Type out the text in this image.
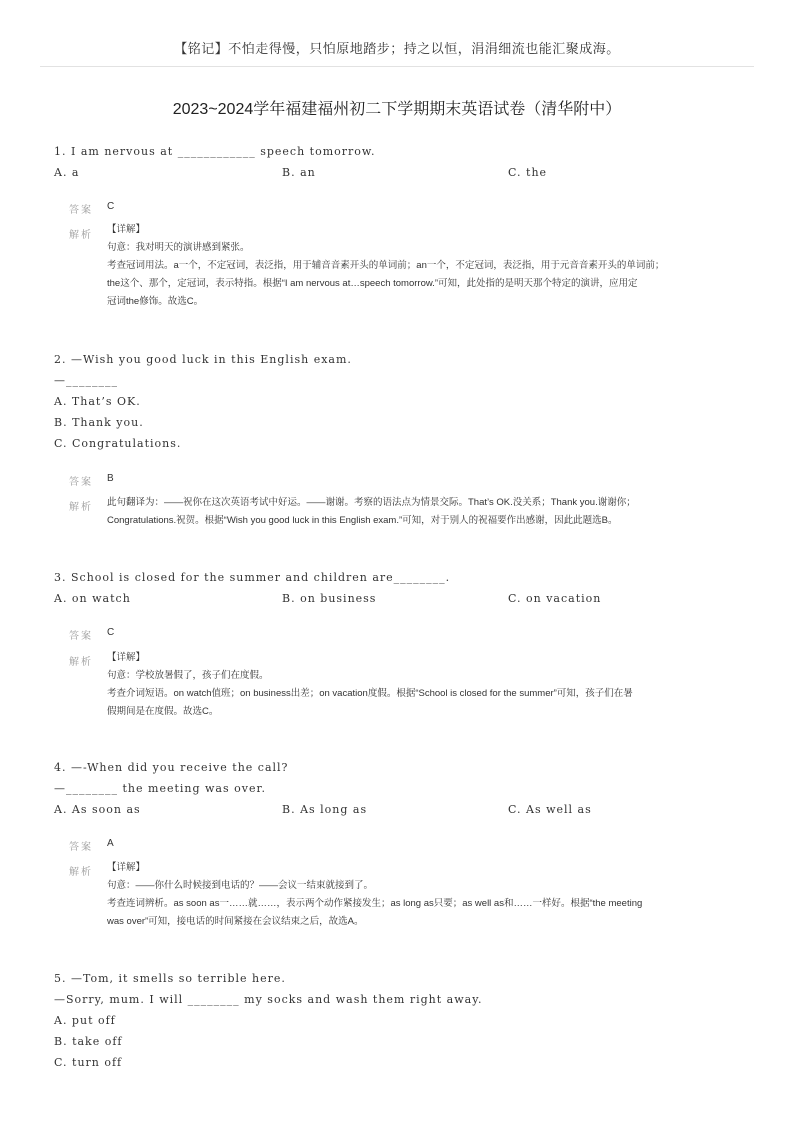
【铭记】不怕走得慢，只怕原地踏步；持之以恒，涓涓细流也能汇聚成海。
2023~2024学年福建福州初二下学期期末英语试卷（清华附中）
1. I am nervous at ____________ speech tomorrow.
A. a	B. an	C. the
答案 C
解析

【详解】

句意：我对明天的演讲感到紧张。

考查冠词用法。a一个，不定冠词，表泛指，用于辅音音素开头的单词前；an一个，不定冠词，表泛指，用于元音音素开头的单词前；

the这个、那个，定冠词，表示特指。根据“I am nervous at…speech tomorrow.”可知，此处指的是明天那个特定的演讲，应用定

冠词the修饰。故选C。

2. —Wish you good luck in this English exam.
—________
A. That’s OK.
B. Thank you.
C. Congratulations.
答案 B
解析 此句翻译为：——祝你在这次英语考试中好运。——谢谢。考察的语法点为情景交际。That’s OK.没关系；Thank you.谢谢你；

Congratulations.祝贺。根据“Wish you good luck in this English exam.”可知，对于别人的祝福要作出感谢，因此此题选B。

3. School is closed for the summer and children are________.
A. on watch	B. on business	C. on vacation
答案 C
解析 【详解】

句意：学校放暑假了，孩子们在度假。

考查介词短语。on watch值班；on business出差；on vacation度假。根据“School is closed for the summer”可知，孩子们在暑

假期间是在度假。故选C。

4. —-When did you receive the call?
—________ the meeting was over.
A. As soon as	B. As long as	C. As well as
答案 A
解析 【详解】

句意：——你什么时候接到电话的？——会议一结束就接到了。

考查连词辨析。as soon as一……就……，表示两个动作紧接发生；as long as只要；as well as和……一样好。根据“the meeting

was over”可知，接电话的时间紧接在会议结束之后，故选A。

5. —Tom, it smells so terrible here.
—Sorry, mum. I will ________ my socks and wash them right away.
A. put off
B. take off
C. turn off
